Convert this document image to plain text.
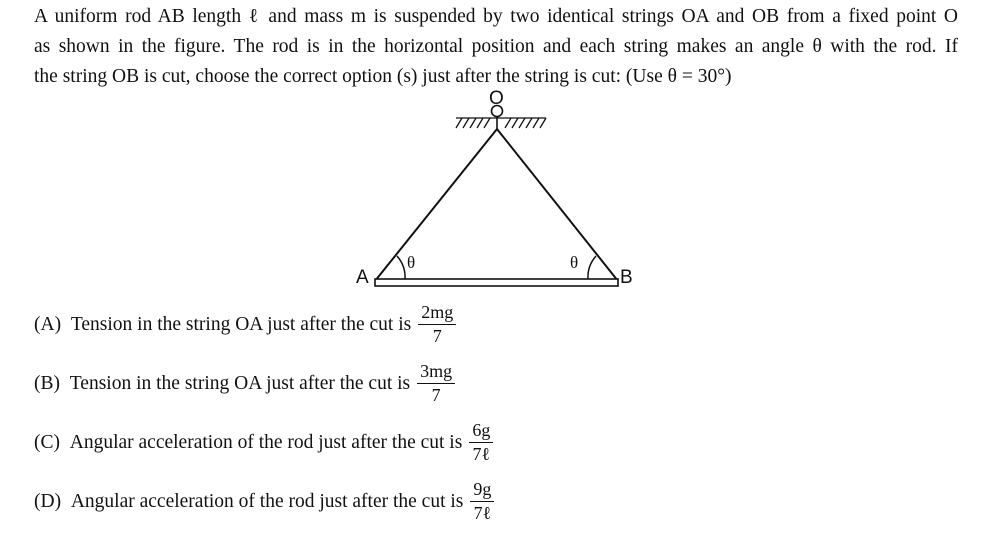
A uniform rod AB length ℓ and mass m is suspended by two identical strings OA and OB from a fixed point O
as shown in the figure. The rod is in the horizontal position and each string makes an angle θ with the rod. If
the string OB is cut, choose the correct option (s) just after the string is cut: (Use θ = 30°)

O
A	B
θ	θ
(A)
Tension in the string OA just after the cut is $\frac{2mg}{7}$
(B)
Tension in the string OA just after the cut is $\frac{3mg}{7}$
(C)
Angular acceleration of the rod just after the cut is $\frac{6g}{\text{7ℓ}}$
(D)
Angular acceleration of the rod just after the cut is $\frac{9g}{\text{7ℓ}}$
